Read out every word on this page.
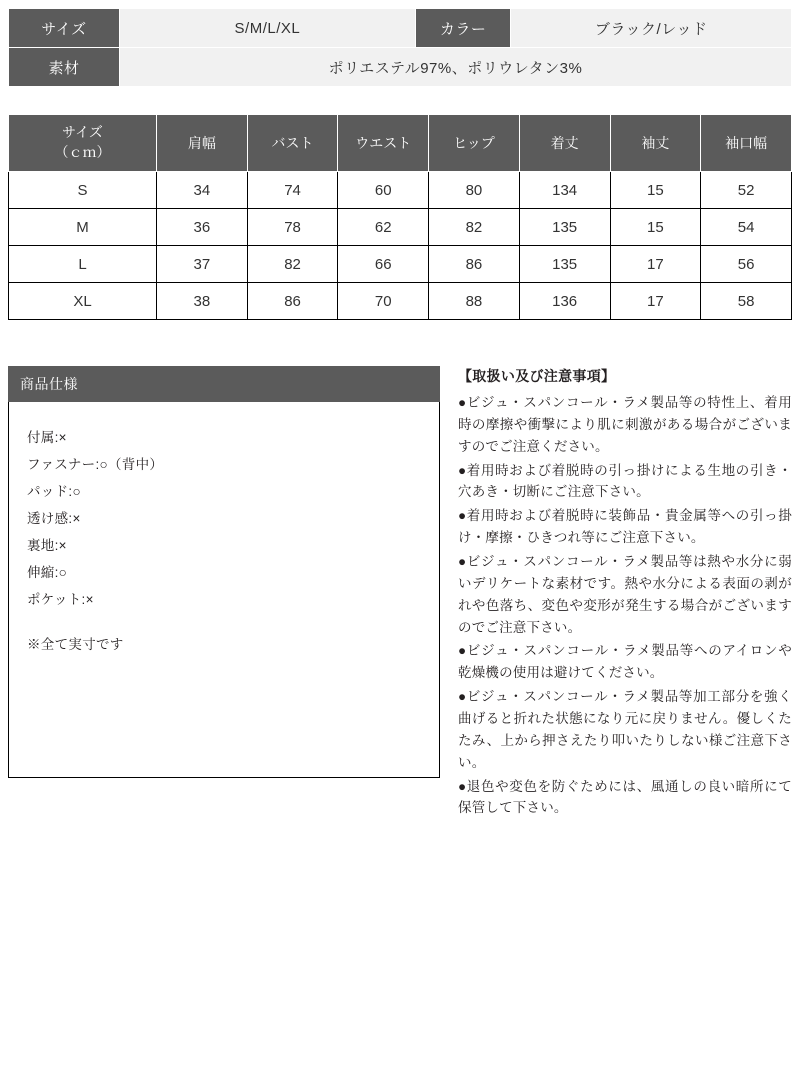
サイズ	S/M/L/XL	カラー	ブラック/レッド
素材	ポリエステル97%、ポリウレタン3%		
サイズ
（ｃｍ）	肩幅	バスト	ウエスト	ヒップ	着丈	袖丈	袖口幅
S	34	74	60	80	134	15	52
M	36	78	62	82	135	15	54
L	37	82	66	86	135	17	56
XL	38	86	70	88	136	17	58
商品仕様
付属:×
ファスナー:○（背中）
パッド:○
透け感:×
裏地:×
伸縮:○
ポケット:×
※全て実寸です
【取扱い及び注意事項】

●ビジュ・スパンコール・ラメ製品等の特性上、着用時の摩擦や衝撃により肌に刺激がある場合がございますのでご注意ください。

●着用時および着脱時の引っ掛けによる生地の引き・穴あき・切断にご注意下さい。

●着用時および着脱時に装飾品・貴金属等への引っ掛け・摩擦・ひきつれ等にご注意下さい。

●ビジュ・スパンコール・ラメ製品等は熱や水分に弱いデリケートな素材です。熱や水分による表面の剥がれや色落ち、変色や変形が発生する場合がございますのでご注意下さい。

●ビジュ・スパンコール・ラメ製品等へのアイロンや乾燥機の使用は避けてください。

●ビジュ・スパンコール・ラメ製品等加工部分を強く曲げると折れた状態になり元に戻りません。優しくたたみ、上から押さえたり叩いたりしない様ご注意下さい。

●退色や変色を防ぐためには、風通しの良い暗所にて保管して下さい。
